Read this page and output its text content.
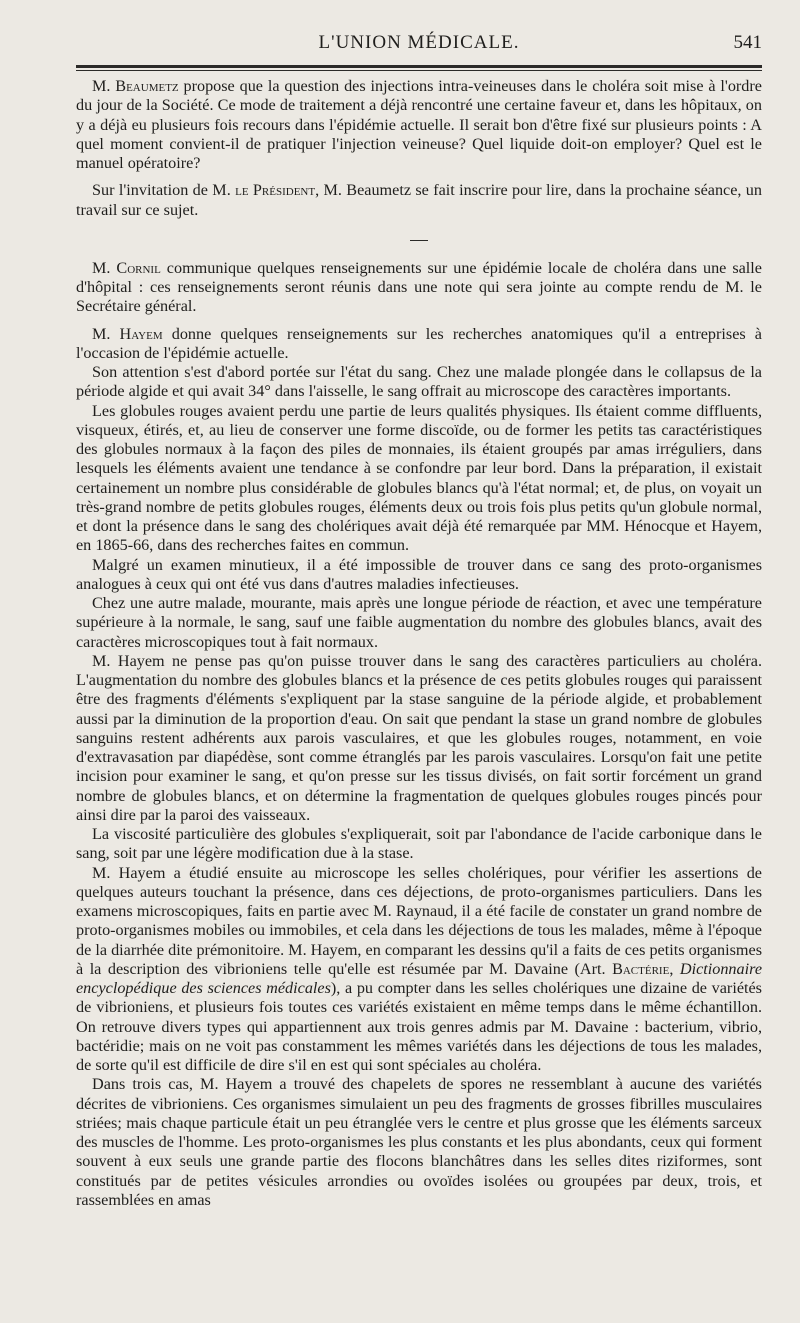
L'UNION MÉDICALE.	541

M. Beaumetz propose que la question des injections intra-veineuses dans le choléra soit mise à l'ordre du jour de la Société. Ce mode de traitement a déjà rencontré une certaine faveur et, dans les hôpitaux, on y a déjà eu plusieurs fois recours dans l'épidémie actuelle. Il serait bon d'être fixé sur plusieurs points : A quel moment convient-il de pratiquer l'injection veineuse? Quel liquide doit-on employer? Quel est le manuel opératoire?

Sur l'invitation de M. le Président, M. Beaumetz se fait inscrire pour lire, dans la prochaine séance, un travail sur ce sujet.

M. Cornil communique quelques renseignements sur une épidémie locale de choléra dans une salle d'hôpital : ces renseignements seront réunis dans une note qui sera jointe au compte rendu de M. le Secrétaire général.

M. Hayem donne quelques renseignements sur les recherches anatomiques qu'il a entreprises à l'occasion de l'épidémie actuelle.

Son attention s'est d'abord portée sur l'état du sang. Chez une malade plongée dans le collapsus de la période algide et qui avait 34° dans l'aisselle, le sang offrait au microscope des caractères importants.

Les globules rouges avaient perdu une partie de leurs qualités physiques. Ils étaient comme diffluents, visqueux, étirés, et, au lieu de conserver une forme discoïde, ou de former les petits tas caractéristiques des globules normaux à la façon des piles de monnaies, ils étaient groupés par amas irréguliers, dans lesquels les éléments avaient une tendance à se confondre par leur bord. Dans la préparation, il existait certainement un nombre plus considérable de globules blancs qu'à l'état normal; et, de plus, on voyait un très-grand nombre de petits globules rouges, éléments deux ou trois fois plus petits qu'un globule normal, et dont la présence dans le sang des cholériques avait déjà été remarquée par MM. Hénocque et Hayem, en 1865-66, dans des recherches faites en commun.

Malgré un examen minutieux, il a été impossible de trouver dans ce sang des proto-organismes analogues à ceux qui ont été vus dans d'autres maladies infectieuses.

Chez une autre malade, mourante, mais après une longue période de réaction, et avec une température supérieure à la normale, le sang, sauf une faible augmentation du nombre des globules blancs, avait des caractères microscopiques tout à fait normaux.

M. Hayem ne pense pas qu'on puisse trouver dans le sang des caractères particuliers au choléra. L'augmentation du nombre des globules blancs et la présence de ces petits globules rouges qui paraissent être des fragments d'éléments s'expliquent par la stase sanguine de la période algide, et probablement aussi par la diminution de la proportion d'eau. On sait que pendant la stase un grand nombre de globules sanguins restent adhérents aux parois vasculaires, et que les globules rouges, notamment, en voie d'extravasation par diapédèse, sont comme étranglés par les parois vasculaires. Lorsqu'on fait une petite incision pour examiner le sang, et qu'on presse sur les tissus divisés, on fait sortir forcément un grand nombre de globules blancs, et on détermine la fragmentation de quelques globules rouges pincés pour ainsi dire par la paroi des vaisseaux.

La viscosité particulière des globules s'expliquerait, soit par l'abondance de l'acide carbonique dans le sang, soit par une légère modification due à la stase.

M. Hayem a étudié ensuite au microscope les selles cholériques, pour vérifier les assertions de quelques auteurs touchant la présence, dans ces déjections, de proto-organismes particuliers. Dans les examens microscopiques, faits en partie avec M. Raynaud, il a été facile de constater un grand nombre de proto-organismes mobiles ou immobiles, et cela dans les déjections de tous les malades, même à l'époque de la diarrhée dite prémonitoire. M. Hayem, en comparant les dessins qu'il a faits de ces petits organismes à la description des vibrioniens telle qu'elle est résumée par M. Davaine (Art. Bactérie, Dictionnaire encyclopédique des sciences médicales), a pu compter dans les selles cholériques une dizaine de variétés de vibrioniens, et plusieurs fois toutes ces variétés existaient en même temps dans le même échantillon. On retrouve divers types qui appartiennent aux trois genres admis par M. Davaine : bacterium, vibrio, bactéridie; mais on ne voit pas constamment les mêmes variétés dans les déjections de tous les malades, de sorte qu'il est difficile de dire s'il en est qui sont spéciales au choléra.

Dans trois cas, M. Hayem a trouvé des chapelets de spores ne ressemblant à aucune des variétés décrites de vibrioniens. Ces organismes simulaient un peu des fragments de grosses fibrilles musculaires striées; mais chaque particule était un peu étranglée vers le centre et plus grosse que les éléments sarceux des muscles de l'homme. Les proto-organismes les plus constants et les plus abondants, ceux qui forment souvent à eux seuls une grande partie des flocons blanchâtres dans les selles dites riziformes, sont constitués par de petites vésicules arrondies ou ovoïdes isolées ou groupées par deux, trois, et rassemblées en amas
